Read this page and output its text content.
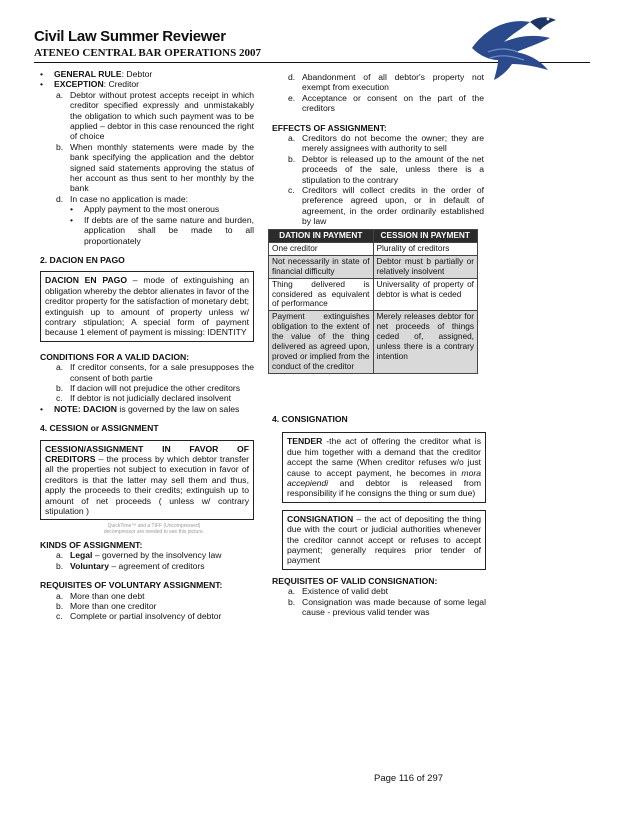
Civil Law Summer Reviewer
ATENEO CENTRAL BAR OPERATIONS 2007

• GENERAL RULE: Debtor

• EXCEPTION: Creditor

a. Debtor without protest accepts receipt in which creditor specified expressly and unmistakably the obligation to which such payment was to be applied – debtor in this case renounced the right of choice

b. When monthly statements were made by the bank specifying the application and the debtor signed said statements approving the status of her account as thus sent to her monthly by the bank

d. In case no application is made:

• Apply payment to the most onerous

• If debts are of the same nature and burden, application shall be made to all proportionately

2. DACION EN PAGO

DACION EN PAGO – mode of extinguishing an obligation whereby the debtor alienates in favor of the creditor property for the satisfaction of monetary debt; extinguish up to amount of property unless w/ contrary stipulation; A special form of payment because 1 element of payment is missing: IDENTITY

CONDITIONS FOR A VALID DACION:

a. If creditor consents, for a sale presupposes the consent of both partie

b. If dacion will not prejudice the other creditors

c. If debtor is not judicially declared insolvent

• NOTE: DACION is governed by the law on sales

4. CESSION or ASSIGNMENT

CESSION/ASSIGNMENT IN FAVOR OF CREDITORS – the process by which debtor transfer all the properties not subject to execution in favor of creditors is that the latter may sell them and thus, apply the proceeds to their credits; extinguish up to amount of net proceeds ( unless w/ contrary stipulation )
QuickTime™ and a TIFF (Uncompressed) decompressor are needed to see this picture.

KINDS OF ASSIGNMENT:

a. Legal – governed by the insolvency law

b. Voluntary – agreement of creditors

REQUISITES OF VOLUNTARY ASSIGNMENT:

a. More than one debt

b. More than one creditor

c. Complete or partial insolvency of debtor

d. Abandonment of all debtor's property not exempt from execution

e. Acceptance or consent on the part of the creditors

EFFECTS OF ASSIGNMENT:

a. Creditors do not become the owner; they are merely assignees with authority to sell

b. Debtor is released up to the amount of the net proceeds of the sale, unless there is a stipulation to the contrary

c. Creditors will collect credits in the order of preference agreed upon, or in default of agreement, in the order ordinarily established by law

DATION IN PAYMENT	CESSION IN PAYMENT
One creditor	Plurality of creditors
Not necessarily in state of financial difficulty	Debtor must b partially or relatively insolvent
Thing delivered is considered as equivalent of performance	Universality of property of debtor is what is ceded
Payment extinguishes obligation to the extent of the value of the thing delivered as agreed upon, proved or implied from the conduct of the creditor	Merely releases debtor for net proceeds of things ceded of, assigned, unless there is a contrary intention

4. CONSIGNATION

TENDER -the act of offering the creditor what is due him together with a demand that the creditor accept the same (When creditor refuses w/o just cause to accept payment, he becomes in mora accepiendi and debtor is released from responsibility if he consigns the thing or sum due)
CONSIGNATION – the act of depositing the thing due with the court or judicial authorities whenever the creditor cannot accept or refuses to accept payment; generally requires prior tender of payment

REQUISITES OF VALID CONSIGNATION:

a. Existence of valid debt

b. Consignation was made because of some legal cause - previous valid tender was

Page 116 of 297
